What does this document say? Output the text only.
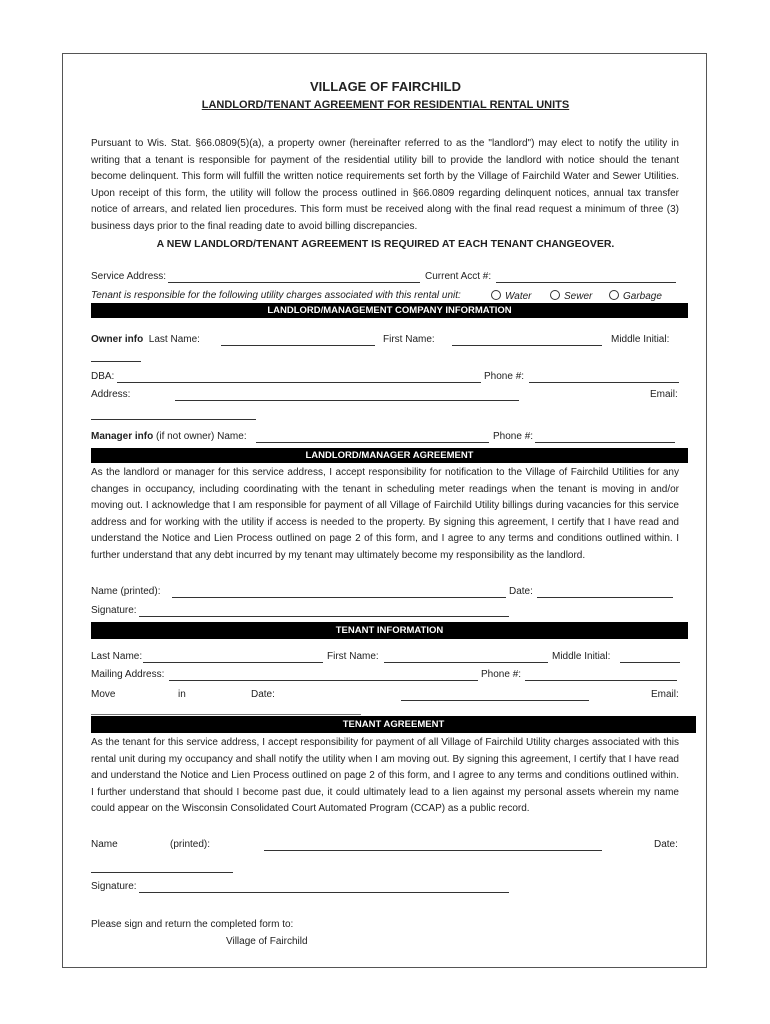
VILLAGE OF FAIRCHILD
LANDLORD/TENANT AGREEMENT FOR RESIDENTIAL RENTAL UNITS
Pursuant to Wis. Stat. §66.0809(5)(a), a property owner (hereinafter referred to as the "landlord") may elect to notify the utility in writing that a tenant is responsible for payment of the residential utility bill to provide the landlord with notice should the tenant become delinquent. This form will fulfill the written notice requirements set forth by the Village of Fairchild Water and Sewer Utilities. Upon receipt of this form, the utility will follow the process outlined in §66.0809 regarding delinquent notices, annual tax transfer notice of arrears, and related lien procedures. This form must be received along with the final read request a minimum of three (3) business days prior to the final reading date to avoid billing discrepancies.
A NEW LANDLORD/TENANT AGREEMENT IS REQUIRED AT EACH TENANT CHANGEOVER.
Service Address:	Current Acct #:
Tenant is responsible for the following utility charges associated with this rental unit:	Water	Sewer	Garbage
LANDLORD/MANAGEMENT COMPANY INFORMATION
Owner info Last Name:	First Name:	Middle Initial:
DBA:	Phone #:
Address:	Email:
Manager info (if not owner) Name:	Phone #:
LANDLORD/MANAGER AGREEMENT
As the landlord or manager for this service address, I accept responsibility for notification to the Village of Fairchild Utilities for any changes in occupancy, including coordinating with the tenant in scheduling meter readings when the tenant is moving in and/or moving out. I acknowledge that I am responsible for payment of all Village of Fairchild Utility billings during vacancies for this service address and for working with the utility if access is needed to the property. By signing this agreement, I certify that I have read and understand the Notice and Lien Process outlined on page 2 of this form, and I agree to any terms and conditions outlined within. I further understand that any debt incurred by my tenant may ultimately become my responsibility as the landlord.
Name (printed):	Date:
Signature:
TENANT INFORMATION
Last Name:	First Name:	Middle Initial:
Mailing Address:	Phone #:
Move	in	Date:	Email:
TENANT AGREEMENT
As the tenant for this service address, I accept responsibility for payment of all Village of Fairchild Utility charges associated with this rental unit during my occupancy and shall notify the utility when I am moving out. By signing this agreement, I certify that I have read and understand the Notice and Lien Process outlined on page 2 of this form, and I agree to any terms and conditions outlined within. I further understand that should I become past due, it could ultimately lead to a lien against my personal assets wherein my name could appear on the Wisconsin Consolidated Court Automated Program (CCAP) as a public record.
Name	(printed):	Date:
Signature:
Please sign and return the completed form to:
Village of Fairchild
